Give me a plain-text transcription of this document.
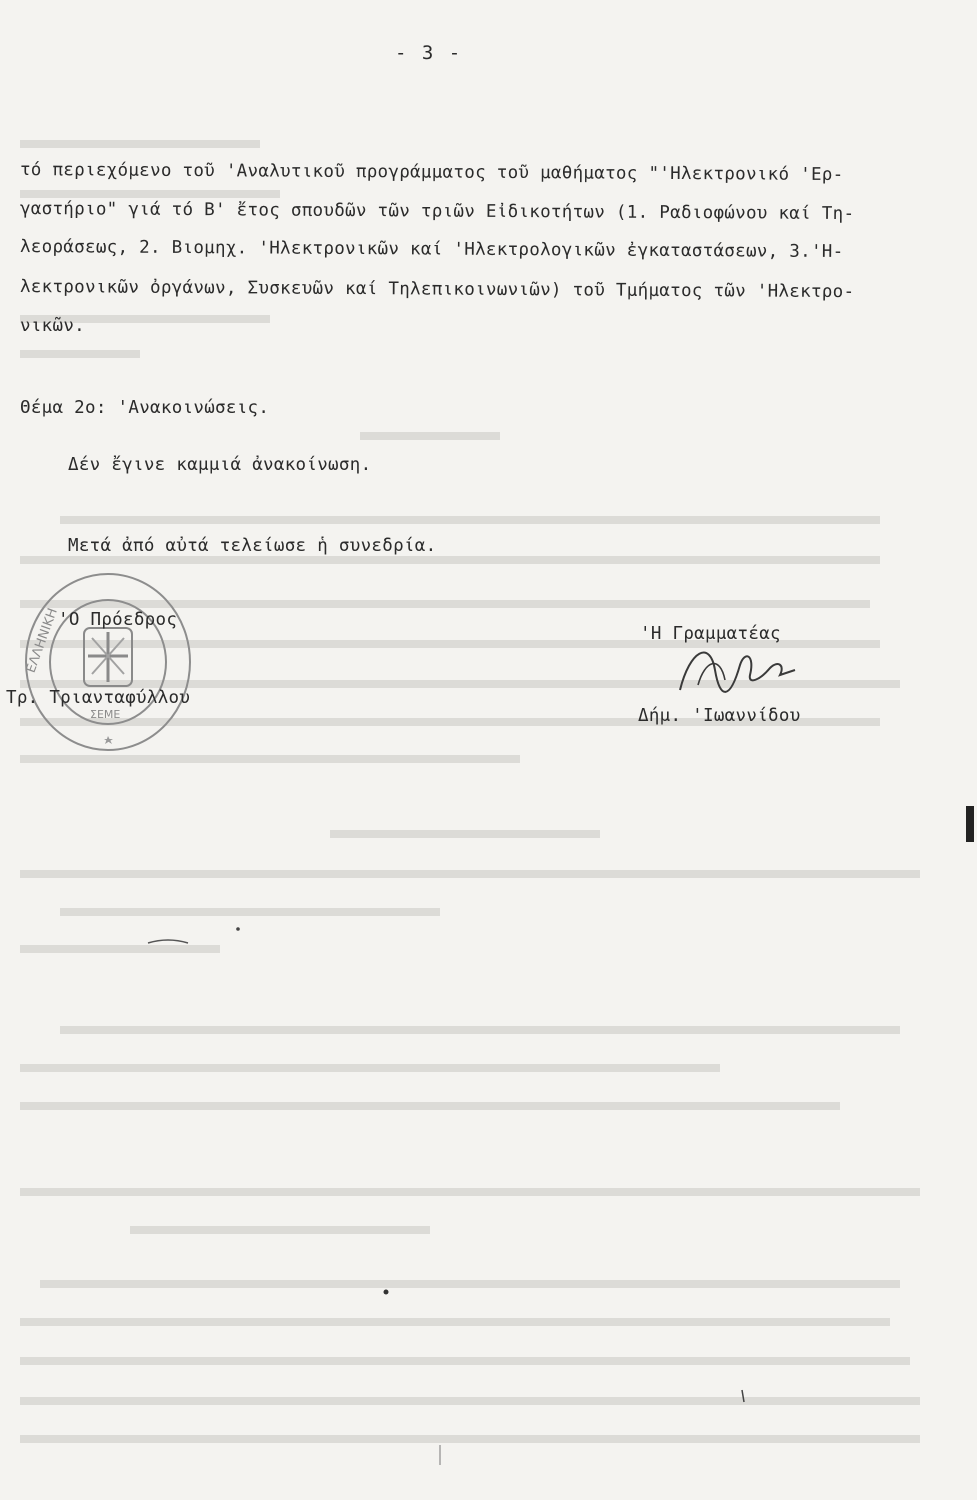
- 3 -
τό περιεχόμενο τοῦ 'Αναλυτικοῦ προγράμματος τοῦ μαθήματος "'Ηλεκτρονικό 'Ερ-
γαστήριο" γιά τό Β' ἔτος σπουδῶν τῶν τριῶν Εἰδικοτήτων (1. Ραδιοφώνου καί Τη-
λεοράσεως, 2. Βιομηχ. 'Ηλεκτρονικῶν καί 'Ηλεκτρολογικῶν ἐγκαταστάσεων, 3.'Η-
λεκτρονικῶν ὀργάνων, Συσκευῶν καί Τηλεπικοινωνιῶν) τοῦ Τμήματος τῶν 'Ηλεκτρο-
νικῶν.
Θέμα 2ο: 'Ανακοινώσεις.
Δέν ἔγινε καμμιά ἀνακοίνωση.
Μετά ἀπό αὐτά τελείωσε ἡ συνεδρία.
ΕΛΛΗΝΙΚΗ
ΣΕΜΕ
'Ο Πρόεδρος
Τρ. Τριανταφύλλου
'Η Γραμματέας
Δήμ. 'Ιωαννίδου
